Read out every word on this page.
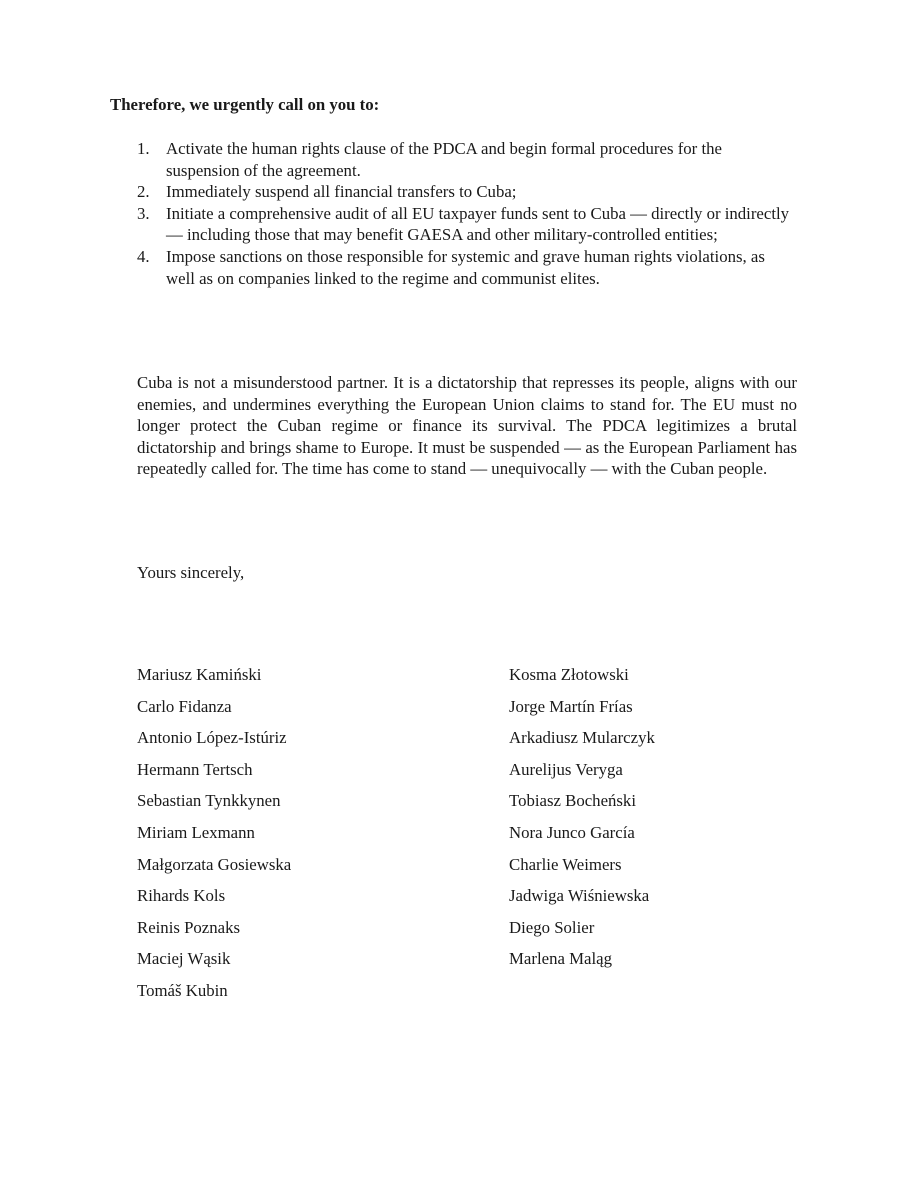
Therefore, we urgently call on you to:
1. Activate the human rights clause of the PDCA and begin formal procedures for the suspension of the agreement.
2. Immediately suspend all financial transfers to Cuba;
3. Initiate a comprehensive audit of all EU taxpayer funds sent to Cuba — directly or indirectly — including those that may benefit GAESA and other military-controlled entities;
4. Impose sanctions on those responsible for systemic and grave human rights violations, as well as on companies linked to the regime and communist elites.

Cuba is not a misunderstood partner. It is a dictatorship that represses its people, aligns with our enemies, and undermines everything the European Union claims to stand for. The EU must no longer protect the Cuban regime or finance its survival. The PDCA legitimizes a brutal dictatorship and brings shame to Europe. It must be suspended — as the European Parliament has repeatedly called for. The time has come to stand — unequivocally — with the Cuban people.

Yours sincerely,

Mariusz Kamiński
Carlo Fidanza
Antonio López-Istúriz
Hermann Tertsch
Sebastian Tynkkynen
Miriam Lexmann
Małgorzata Gosiewska
Rihards Kols
Reinis Poznaks
Maciej Wąsik
Tomáš Kubin
Kosma Złotowski
Jorge Martín Frías
Arkadiusz Mularczyk
Aurelijus Veryga
Tobiasz Bocheński
Nora Junco García
Charlie Weimers
Jadwiga Wiśniewska
Diego Solier
Marlena Maląg
